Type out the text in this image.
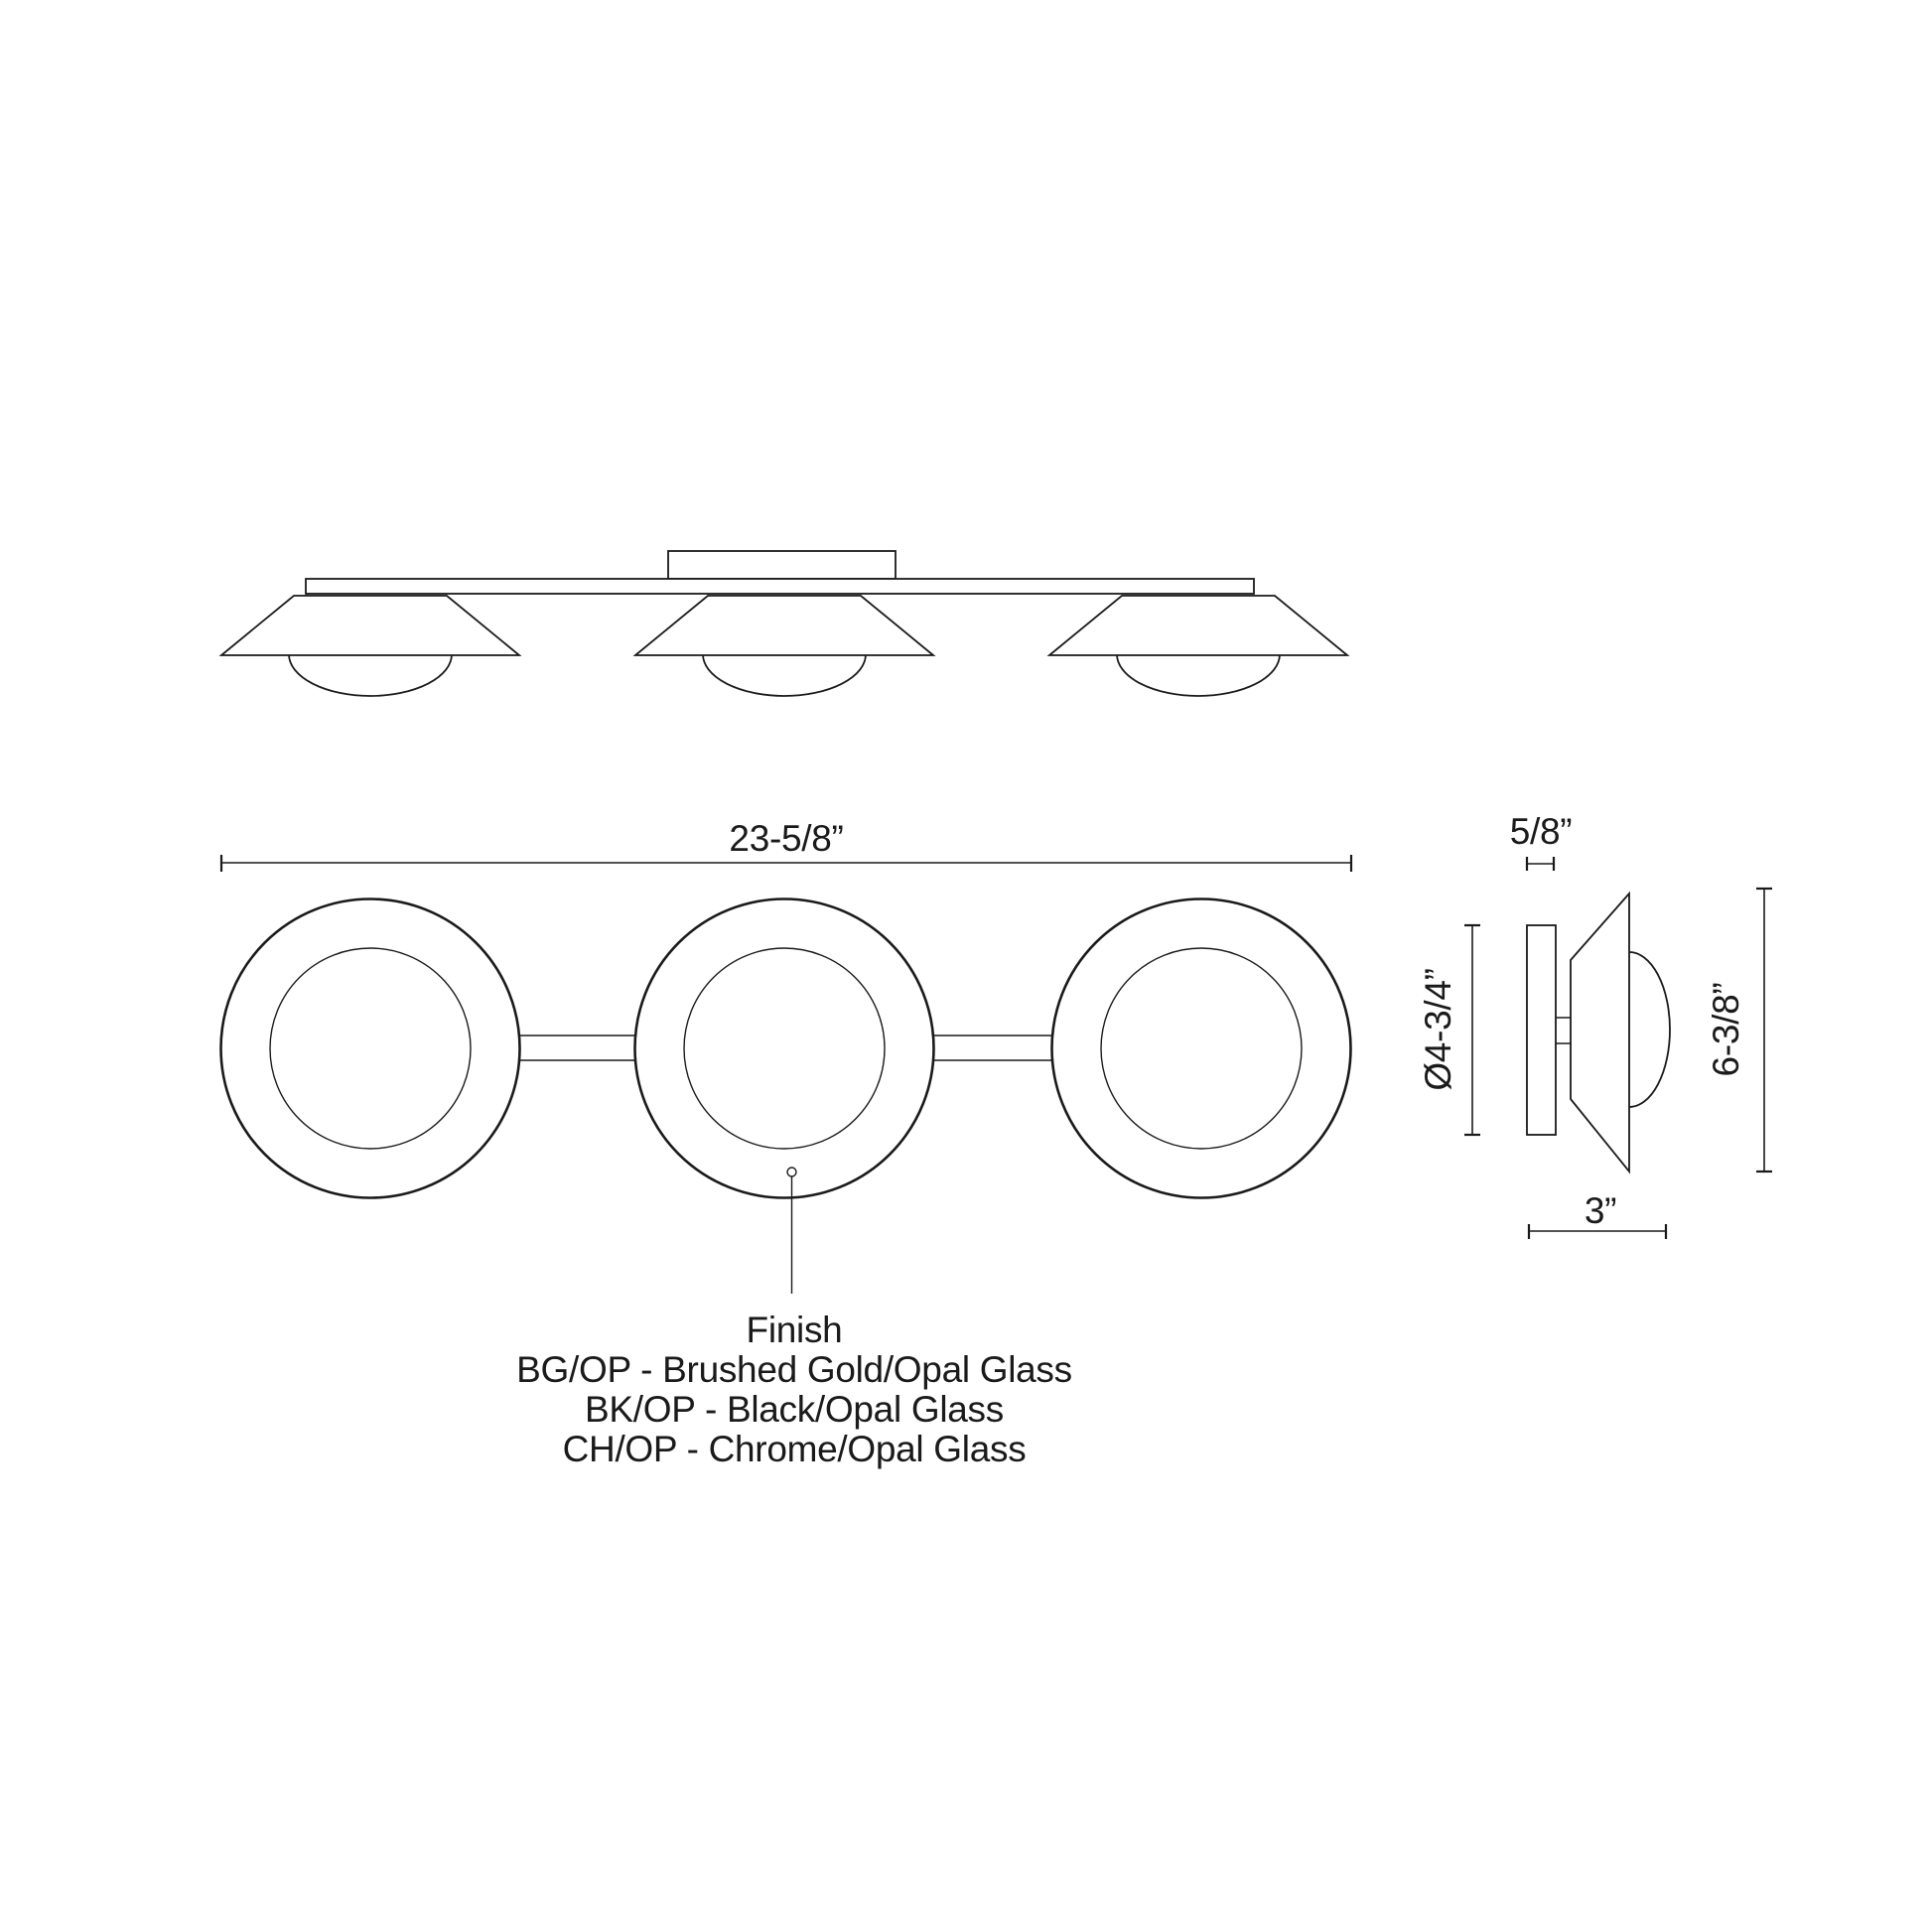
23-5/8”	5/8”
Ø4-3/4”	6-3/8”
3”
Finish
BG/OP - Brushed Gold/Opal Glass
BK/OP - Black/Opal Glass
CH/OP - Chrome/Opal Glass
